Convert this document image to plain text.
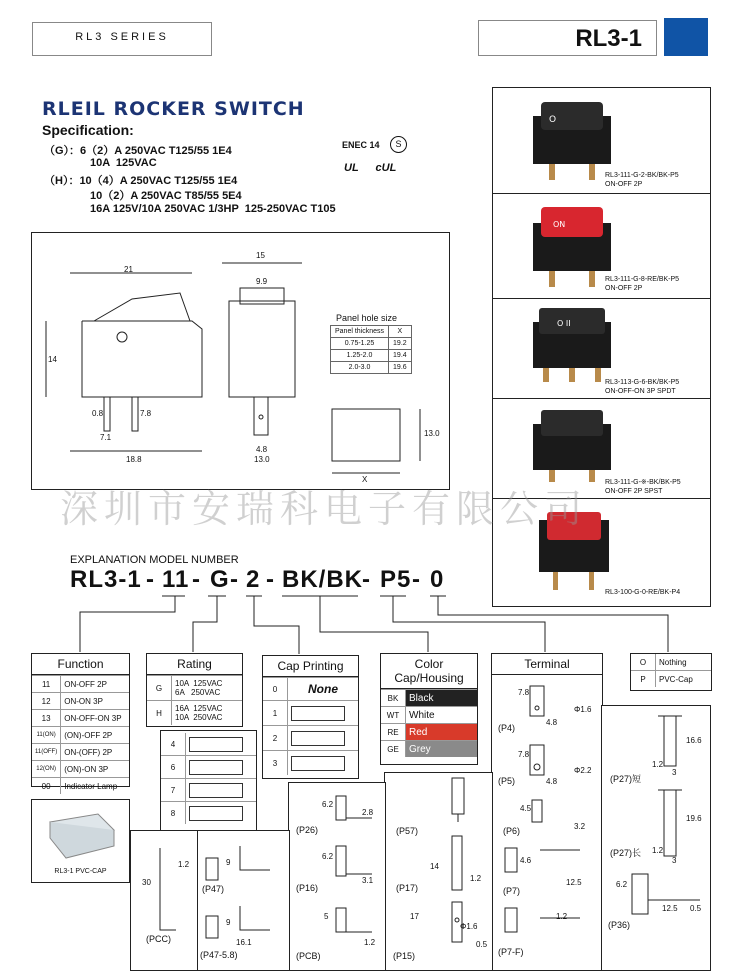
RL3 SERIES	RL3-1
RLEIL ROCKER SWITCH
Specification:
（G）：6（2）A 250VAC T125/55 1E4
10A  125VAC
（H）：10（4）A 250VAC T125/55 1E4
10（2）A 250VAC T85/55 5E4
16A 125V/10A 250VAC 1/3HP  125-250VAC T105
ENEC 14	S
UL cUL
O
RL3-111-G-2-BK/BK-P5
ON-OFF 2P
ON
RL3-111-G-8-RE/BK-P5
ON-OFF 2P
O II
RL3-113-G-6-BK/BK-P5
ON-OFF-ON 3P SPDT
RL3-111-G-※-BK/BK-P5
ON-OFF 2P SPST
RL3-100-G-0-RE/BK-P4
21
14
0.8	7.8
7.1
18.8
15
9.9
4.8
13.0
Panel hole size
Panel thickness	X
0.75-1.25	19.2
1.25-2.0	19.4
2.0-3.0	19.6
13.0
X
深圳市安瑞科电子有限公司
EXPLANATION MODEL NUMBER
RL3-1 - 11 - G - 2 - BK/BK - P5 - 0
Function
11	ON-OFF 2P
12	ON-ON 3P
13	ON-OFF-ON 3P
11(ON)	(ON)-OFF 2P
11(OFF)	ON-(OFF) 2P
12(ON)	(ON)-ON 3P
00	Indicator Lamp
Rating
G	10A  125VAC
6A   250VAC
H	16A  125VAC
10A  250VAC
Cap Printing
0	None
1	
2	
3	
4	
6	
7	
8	
Color
Cap/Housing
BK	Black
WT	White
RE	Red
GE	Grey
O	Nothing
P	PVC-Cap
RL3-1 PVC-CAP
Terminal
(P4)
(P5)
(P6)
(P7)
(P7-F)
(P57)
(P17)
(P15)
(P26)
(P16)
(PCB)
(P47)
(P47-5.8)
(PCC)
(P27)短
(P27)长
(P36)
7.8
4.8
Φ1.6
7.8
4.8
Φ2.2
4.5
3.2
4.6
12.5
1.2
6.2
2.8
6.2
3.1
5
1.2
14
1.2
17
Φ1.6
30
1.2
16.6
1.2
3
19.6
1.2
3
6.2
12.5 0.5
9
9
16.1	0.5
